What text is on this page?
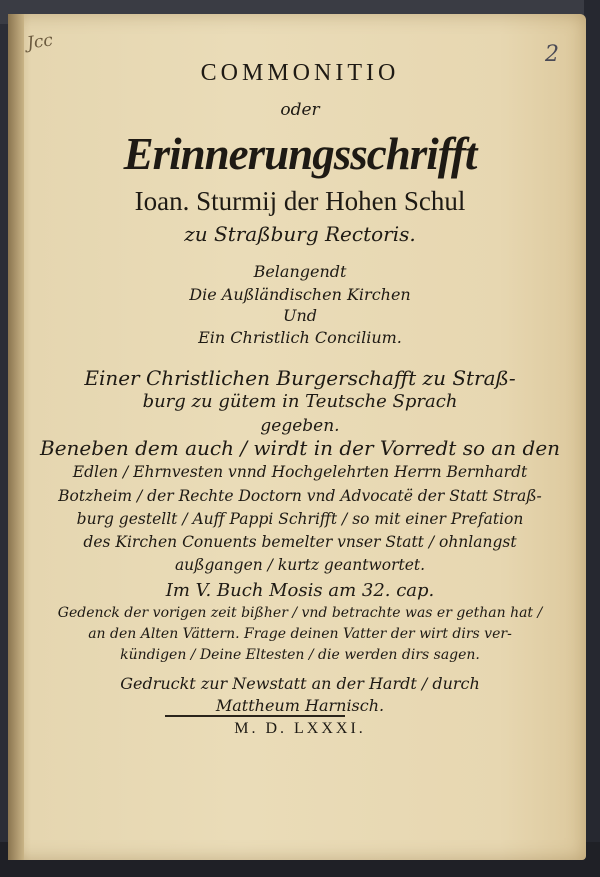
Jcc	2
COMMONITIO
oder
Erinnerungsschrifft
Ioan. Sturmij der Hohen Schul
zu Straßburg Rectoris.
Belangendt
Die Außländischen Kirchen
Und
Ein Christlich Concilium.
Einer Christlichen Burgerschafft zu Straß-
burg zu gütem in Teutsche Sprach
gegeben.
Beneben dem auch / wirdt in der Vorredt so an den
Edlen / Ehrnvesten vnnd Hochgelehrten Herrn Bernhardt
Botzheim / der Rechte Doctorn vnd Advocatë der Statt Straß-
burg gestellt / Auff Pappi Schrifft / so mit einer Prefation
des Kirchen Conuents bemelter vnser Statt / ohnlangst
außgangen / kurtz geantwortet.
Im V. Buch Mosis am 32. cap.
Gedenck der vorigen zeit bißher / vnd betrachte was er gethan hat /
an den Alten Vättern. Frage deinen Vatter der wirt dirs ver-
kündigen / Deine Eltesten / die werden dirs sagen.
Gedruckt zur Newstatt an der Hardt / durch
Mattheum Harnisch.
M. D. LXXXI.
